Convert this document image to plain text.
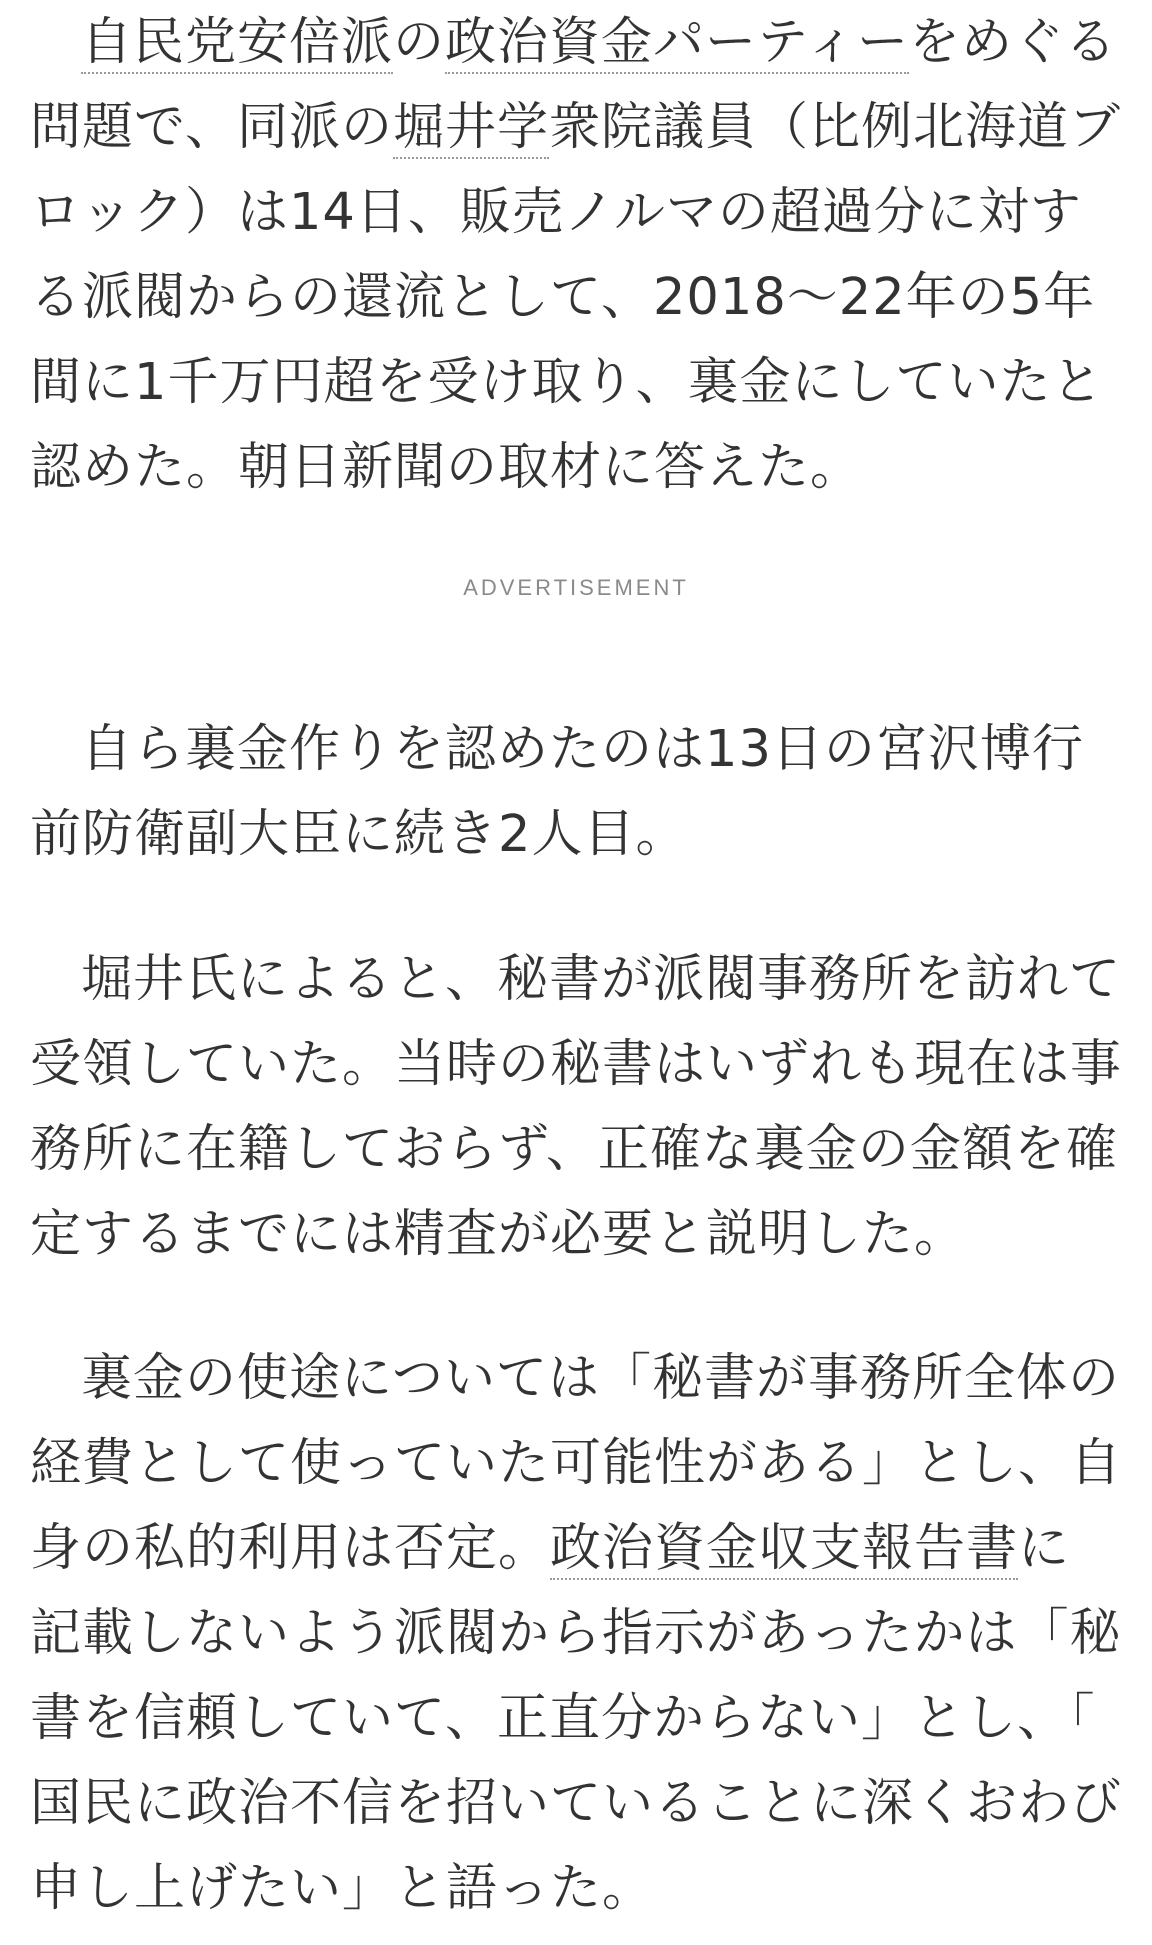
自民党安倍派の政治資金パーティーをめぐる問題で、同派の堀井学衆院議員（比例北海道ブロック）は14日、販売ノルマの超過分に対する派閥からの還流として、2018～22年の5年間に1千万円超を受け取り、裏金にしていたと認めた。朝日新聞の取材に答えた。

自ら裏金作りを認めたのは13日の宮沢博行前防衛副大臣に続き2人目。

堀井氏によると、秘書が派閥事務所を訪れて受領していた。当時の秘書はいずれも現在は事務所に在籍しておらず、正確な裏金の金額を確定するまでには精査が必要と説明した。

裏金の使途については「秘書が事務所全体の経費として使っていた可能性がある」とし、自身の私的利用は否定。政治資金収支報告書に記載しないよう派閥から指示があったかは「秘書を信頼していて、正直分からない」とし、「国民に政治不信を招いていることに深くおわび申し上げたい」と語った。

ADVERTISEMENT
